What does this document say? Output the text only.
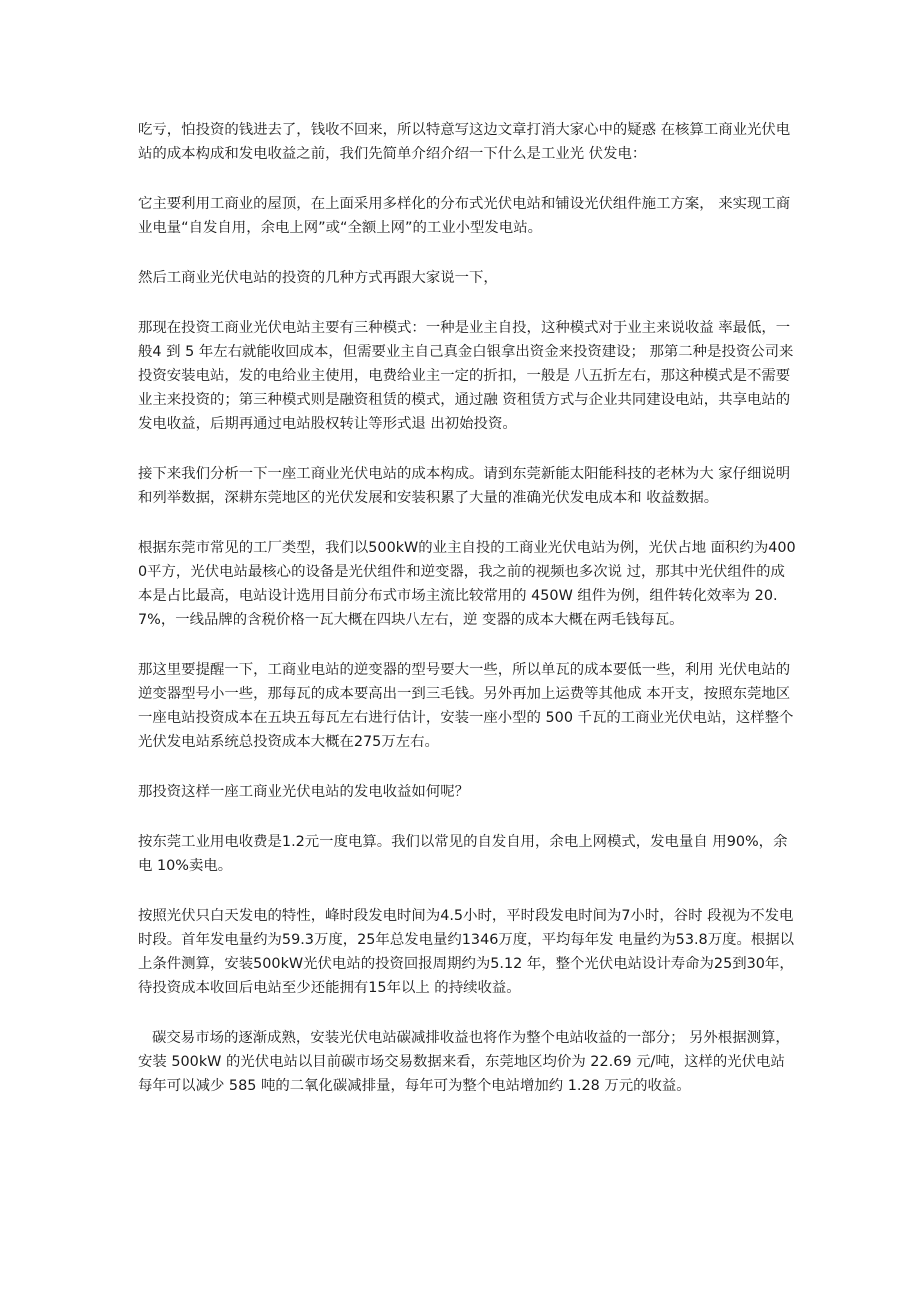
吃亏，怕投资的钱进去了，钱收不回来，所以特意写这边文章打消大家心中的疑惑 在核算工商业光伏电站的成本构成和发电收益之前，我们先简单介绍介绍一下什么是工业光 伏发电：

它主要利用工商业的屋顶，在上面采用多样化的分布式光伏电站和铺设光伏组件施工方案， 来实现工商业电量“自发自用，余电上网”或“全额上网”的工业小型发电站。

然后工商业光伏电站的投资的几种方式再跟大家说一下，

那现在投资工商业光伏电站主要有三种模式：一种是业主自投，这种模式对于业主来说收益 率最低，一般4 到 5 年左右就能收回成本，但需要业主自己真金白银拿出资金来投资建设； 那第二种是投资公司来投资安装电站，发的电给业主使用，电费给业主一定的折扣，一般是 八五折左右，那这种模式是不需要业主来投资的；第三种模式则是融资租赁的模式，通过融 资租赁方式与企业共同建设电站，共享电站的发电收益，后期再通过电站股权转让等形式退 出初始投资。

接下来我们分析一下一座工商业光伏电站的成本构成。请到东莞新能太阳能科技的老林为大 家仔细说明和列举数据，深耕东莞地区的光伏发展和安装积累了大量的准确光伏发电成本和 收益数据。

根据东莞市常见的工厂类型，我们以500kW的业主自投的工商业光伏电站为例，光伏占地 面积约为4000平方，光伏电站最核心的设备是光伏组件和逆变器，我之前的视频也多次说 过，那其中光伏组件的成本是占比最高，电站设计选用目前分布式市场主流比较常用的 450W 组件为例，组件转化效率为 20.7%，一线品牌的含税价格一瓦大概在四块八左右，逆 变器的成本大概在两毛钱每瓦。

那这里要提醒一下，工商业电站的逆变器的型号要大一些，所以单瓦的成本要低一些，利用 光伏电站的逆变器型号小一些，那每瓦的成本要高出一到三毛钱。另外再加上运费等其他成 本开支，按照东莞地区一座电站投资成本在五块五每瓦左右进行估计，安装一座小型的 500 千瓦的工商业光伏电站，这样整个光伏发电站系统总投资成本大概在275万左右。

那投资这样一座工商业光伏电站的发电收益如何呢？

按东莞工业用电收费是1.2元一度电算。我们以常见的自发自用，余电上网模式，发电量自 用90%，余电 10%卖电。

按照光伏只白天发电的特性，峰时段发电时间为4.5小时，平时段发电时间为7小时，谷时 段视为不发电时段。首年发电量约为59.3万度，25年总发电量约1346万度，平均每年发 电量约为53.8万度。根据以上条件测算，安装500kW光伏电站的投资回报周期约为5.12 年，整个光伏电站设计寿命为25到30年，待投资成本收回后电站至少还能拥有15年以上 的持续收益。

碳交易市场的逐渐成熟，安装光伏电站碳减排收益也将作为整个电站收益的一部分； 另外根据测算，安装 500kW 的光伏电站以目前碳市场交易数据来看，东莞地区均价为 22.69 元/吨，这样的光伏电站每年可以减少 585 吨的二氧化碳减排量，每年可为整个电站增加约 1.28 万元的收益。
